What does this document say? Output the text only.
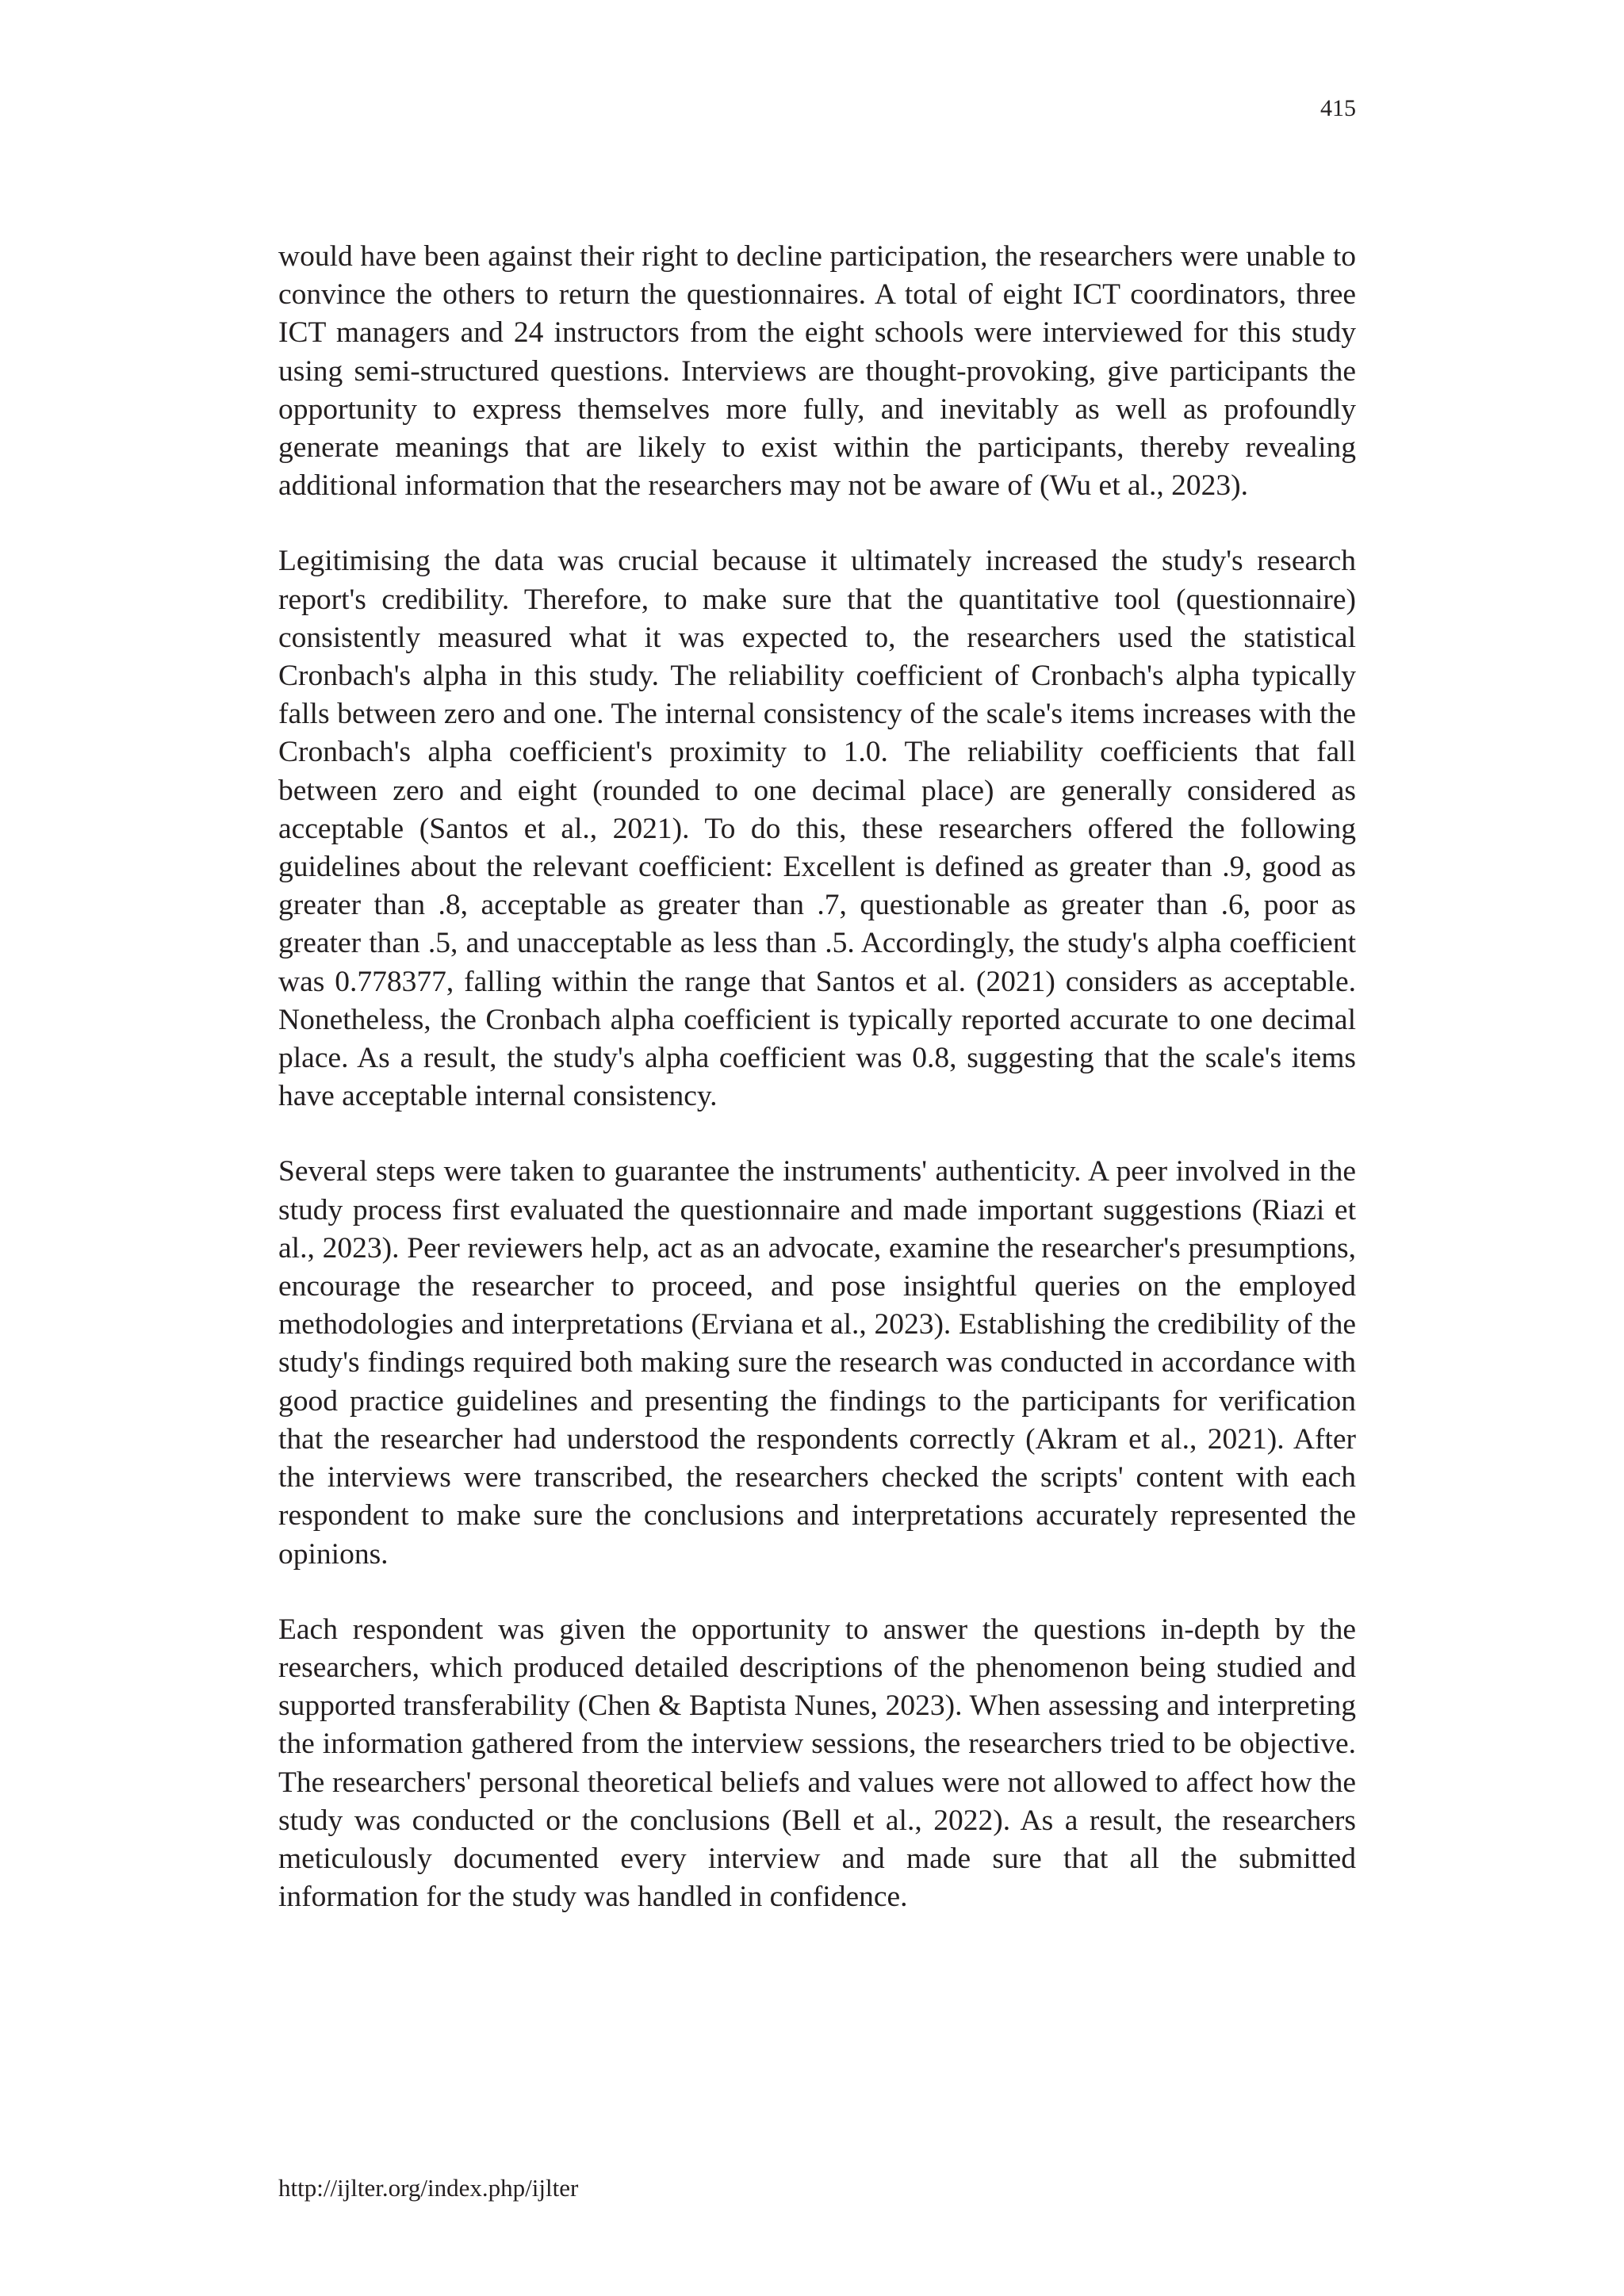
415

would have been against their right to decline participation, the researchers were unable to convince the others to return the questionnaires. A total of eight ICT coordinators, three ICT managers and 24 instructors from the eight schools were interviewed for this study using semi-structured questions. Interviews are thought-provoking, give participants the opportunity to express themselves more fully, and inevitably as well as profoundly generate meanings that are likely to exist within the participants, thereby revealing additional information that the researchers may not be aware of (Wu et al., 2023).

Legitimising the data was crucial because it ultimately increased the study's research report's credibility. Therefore, to make sure that the quantitative tool (questionnaire) consistently measured what it was expected to, the researchers used the statistical Cronbach's alpha in this study. The reliability coefficient of Cronbach's alpha typically falls between zero and one. The internal consistency of the scale's items increases with the Cronbach's alpha coefficient's proximity to 1.0. The reliability coefficients that fall between zero and eight (rounded to one decimal place) are generally considered as acceptable (Santos et al., 2021). To do this, these researchers offered the following guidelines about the relevant coefficient: Excellent is defined as greater than .9, good as greater than .8, acceptable as greater than .7, questionable as greater than .6, poor as greater than .5, and unacceptable as less than .5. Accordingly, the study's alpha coefficient was 0.778377, falling within the range that Santos et al. (2021) considers as acceptable. Nonetheless, the Cronbach alpha coefficient is typically reported accurate to one decimal place. As a result, the study's alpha coefficient was 0.8, suggesting that the scale's items have acceptable internal consistency.

Several steps were taken to guarantee the instruments' authenticity. A peer involved in the study process first evaluated the questionnaire and made important suggestions (Riazi et al., 2023). Peer reviewers help, act as an advocate, examine the researcher's presumptions, encourage the researcher to proceed, and pose insightful queries on the employed methodologies and interpretations (Erviana et al., 2023). Establishing the credibility of the study's findings required both making sure the research was conducted in accordance with good practice guidelines and presenting the findings to the participants for verification that the researcher had understood the respondents correctly (Akram et al., 2021). After the interviews were transcribed, the researchers checked the scripts' content with each respondent to make sure the conclusions and interpretations accurately represented the opinions.

Each respondent was given the opportunity to answer the questions in-depth by the researchers, which produced detailed descriptions of the phenomenon being studied and supported transferability (Chen & Baptista Nunes, 2023). When assessing and interpreting the information gathered from the interview sessions, the researchers tried to be objective. The researchers' personal theoretical beliefs and values were not allowed to affect how the study was conducted or the conclusions (Bell et al., 2022). As a result, the researchers meticulously documented every interview and made sure that all the submitted information for the study was handled in confidence.

http://ijlter.org/index.php/ijlter
